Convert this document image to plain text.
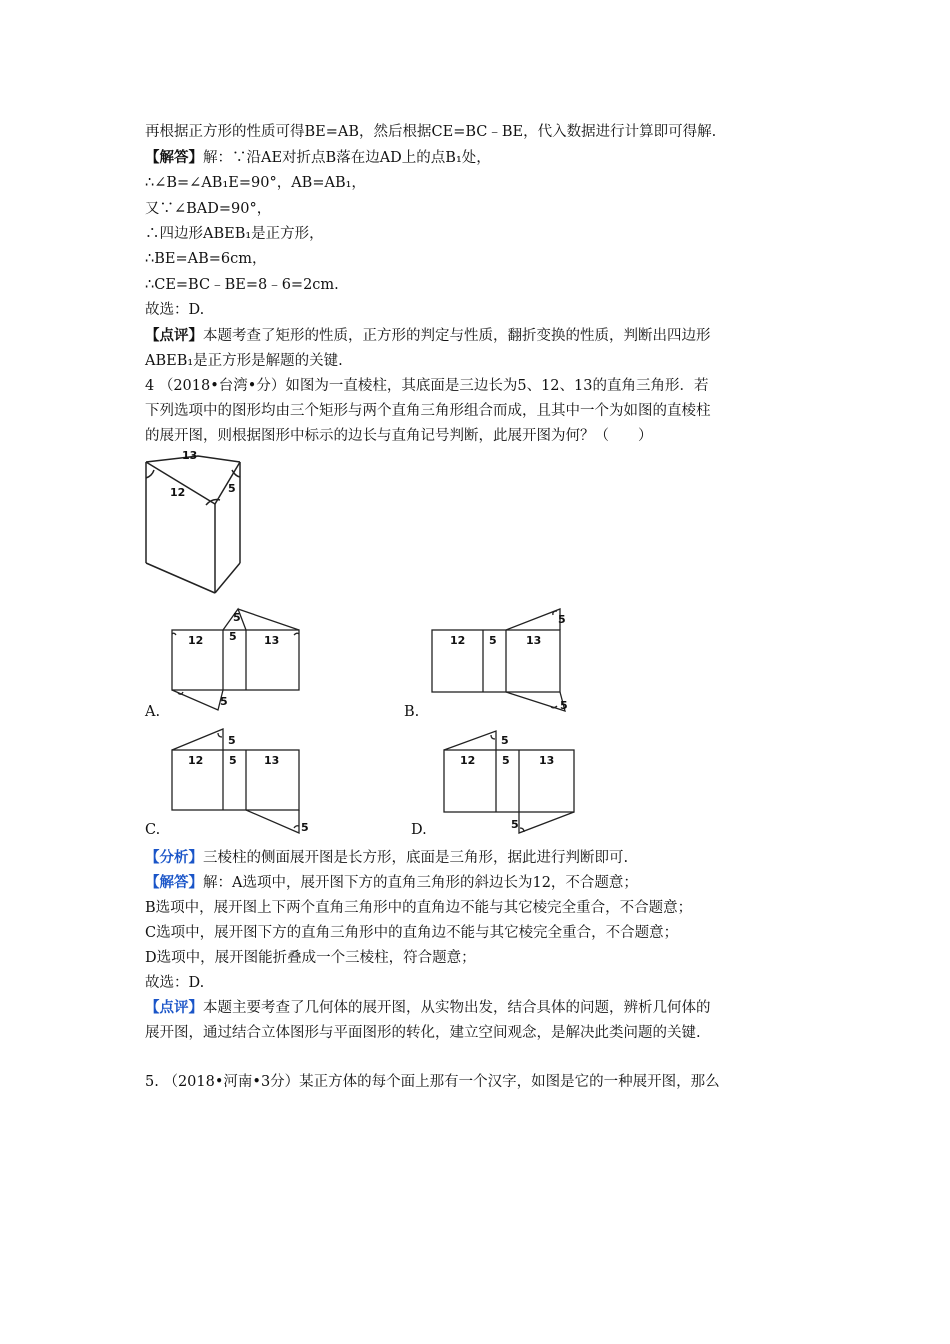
再根据正方形的性质可得BE=AB，然后根据CE=BC﹣BE，代入数据进行计算即可得解.
【解答】解：∵沿AE对折点B落在边AD上的点B₁处，
∴∠B=∠AB₁E=90°，AB=AB₁，
又∵∠BAD=90°，
∴四边形ABEB₁是正方形，
∴BE=AB=6cm，
∴CE=BC﹣BE=8﹣6=2cm.
故选：D.
【点评】本题考查了矩形的性质，正方形的判定与性质，翻折变换的性质，判断出四边形
ABEB₁是正方形是解题的关键.
4 （2018•台湾•分）如图为一直棱柱，其底面是三边长为5、12、13的直角三角形．若
下列选项中的图形均由三个矩形与两个直角三角形组合而成，且其中一个为如图的直棱柱
的展开图，则根据图形中标示的边长与直角记号判断，此展开图为何？（　　）
13
12	5
12 5 13
5
5
A.
12 5	13
5
5
B.
12 5 13
5
5
C.
12 5	13
5
5
D.
【分析】三棱柱的侧面展开图是长方形，底面是三角形，据此进行判断即可.
【解答】解：A选项中，展开图下方的直角三角形的斜边长为12，不合题意；
B选项中，展开图上下两个直角三角形中的直角边不能与其它棱完全重合，不合题意；
C选项中，展开图下方的直角三角形中的直角边不能与其它棱完全重合，不合题意；
D选项中，展开图能折叠成一个三棱柱，符合题意；
故选：D.
【点评】本题主要考查了几何体的展开图，从实物出发，结合具体的问题，辨析几何体的
展开图，通过结合立体图形与平面图形的转化，建立空间观念，是解决此类问题的关键.
5. （2018•河南•3分）某正方体的每个面上那有一个汉字，如图是它的一种展开图，那么
